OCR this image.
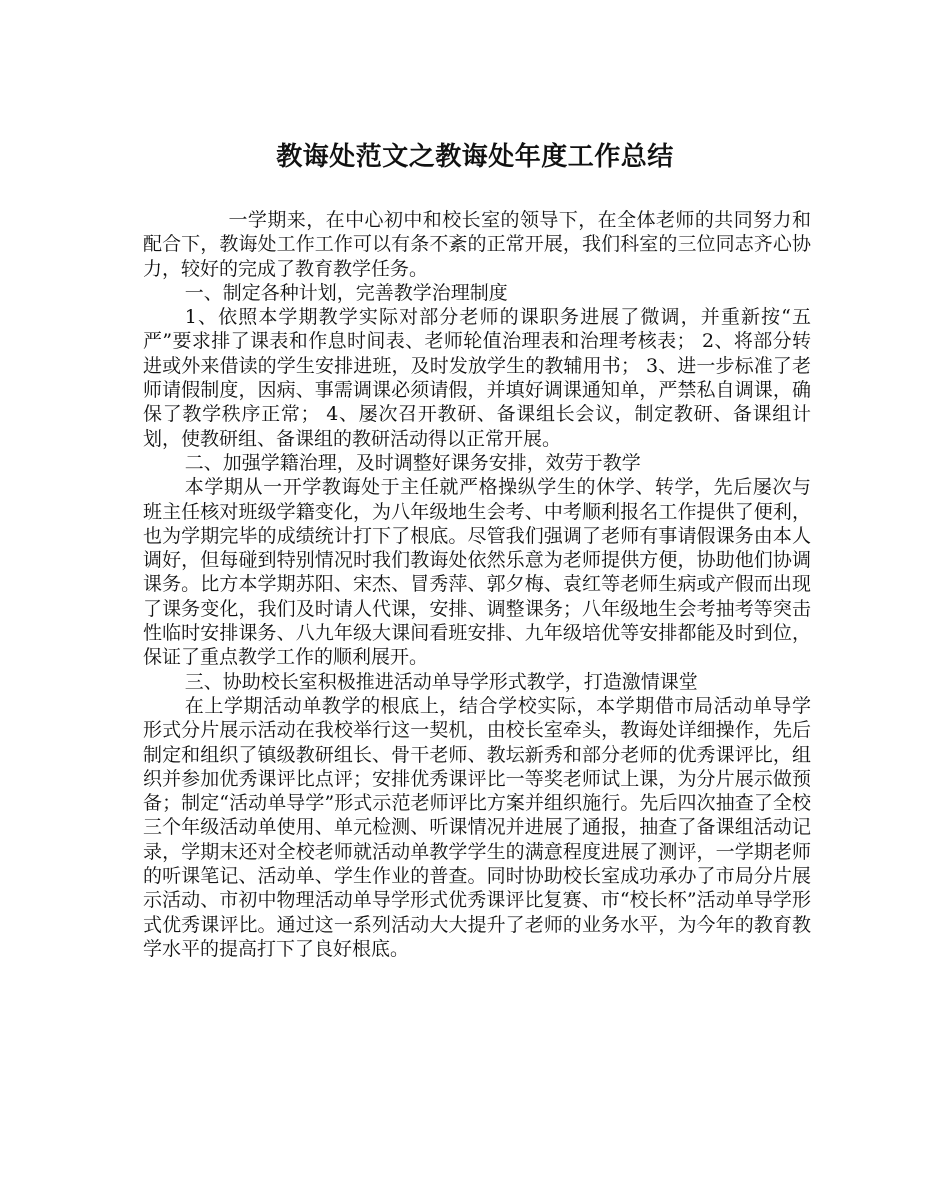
教诲处范文之教诲处年度工作总结

一学期来，在中心初中和校长室的领导下，在全体老师的共同努力和配合下，教诲处工作工作可以有条不紊的正常开展，我们科室的三位同志齐心协力，较好的完成了教育教学任务。

一、制定各种计划，完善教学治理制度

1、依照本学期教学实际对部分老师的课职务进展了微调，并重新按“五严”要求排了课表和作息时间表、老师轮值治理表和治理考核表； 2、将部分转进或外来借读的学生安排进班，及时发放学生的教辅用书； 3、进一步标准了老师请假制度，因病、事需调课必须请假，并填好调课通知单，严禁私自调课，确保了教学秩序正常； 4、屡次召开教研、备课组长会议，制定教研、备课组计划，使教研组、备课组的教研活动得以正常开展。

二、加强学籍治理，及时调整好课务安排，效劳于教学

本学期从一开学教诲处于主任就严格操纵学生的休学、转学，先后屡次与班主任核对班级学籍变化，为八年级地生会考、中考顺利报名工作提供了便利，也为学期完毕的成绩统计打下了根底。尽管我们强调了老师有事请假课务由本人调好，但每碰到特别情况时我们教诲处依然乐意为老师提供方便，协助他们协调课务。比方本学期苏阳、宋杰、冒秀萍、郭夕梅、袁红等老师生病或产假而出现了课务变化，我们及时请人代课，安排、调整课务；八年级地生会考抽考等突击性临时安排课务、八九年级大课间看班安排、九年级培优等安排都能及时到位，保证了重点教学工作的顺利展开。

三、协助校长室积极推进活动单导学形式教学，打造激情课堂

在上学期活动单教学的根底上，结合学校实际，本学期借市局活动单导学形式分片展示活动在我校举行这一契机，由校长室牵头，教诲处详细操作，先后制定和组织了镇级教研组长、骨干老师、教坛新秀和部分老师的优秀课评比，组织并参加优秀课评比点评；安排优秀课评比一等奖老师试上课，为分片展示做预备；制定“活动单导学”形式示范老师评比方案并组织施行。先后四次抽查了全校三个年级活动单使用、单元检测、听课情况并进展了通报，抽查了备课组活动记录，学期末还对全校老师就活动单教学学生的满意程度进展了测评，一学期老师的听课笔记、活动单、学生作业的普查。同时协助校长室成功承办了市局分片展示活动、市初中物理活动单导学形式优秀课评比复赛、市“校长杯”活动单导学形式优秀课评比。通过这一系列活动大大提升了老师的业务水平，为今年的教育教学水平的提高打下了良好根底。
